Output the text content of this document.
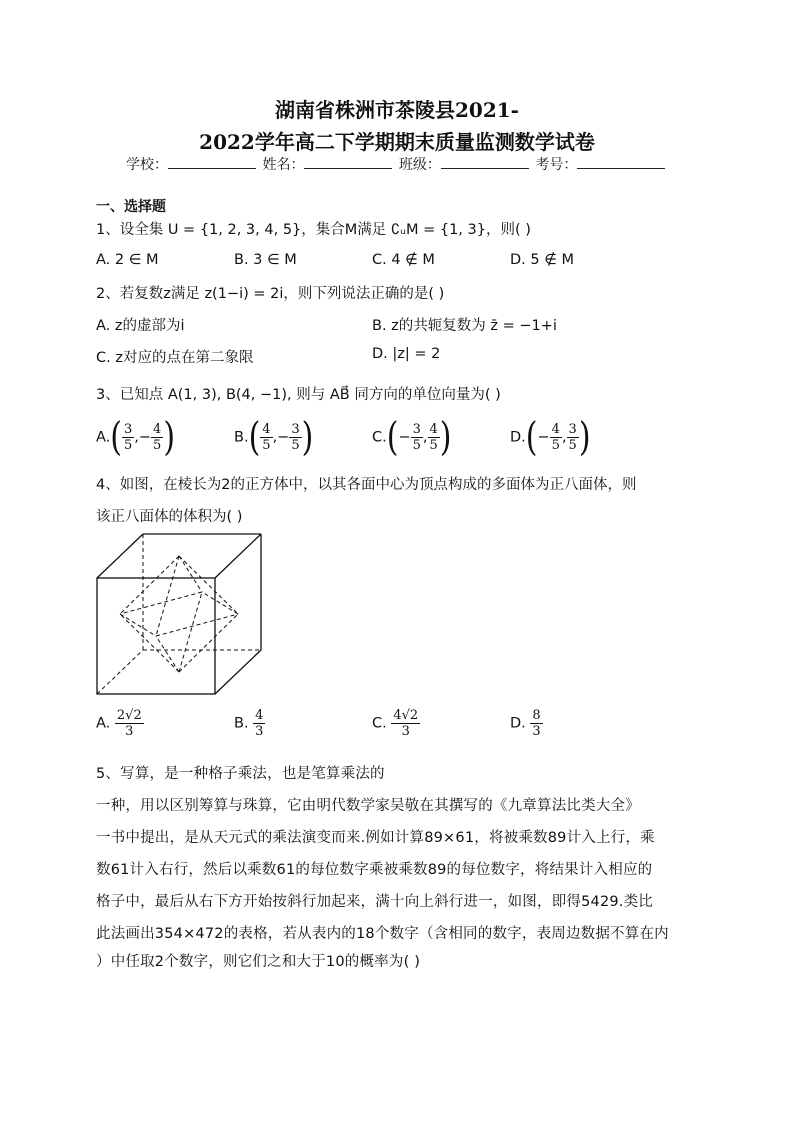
湖南省株洲市茶陵县2021-
2022学年高二下学期期末质量监测数学试卷
学校：	姓名：	班级：	考号：
一、选择题
1、设全集 U = {1, 2, 3, 4, 5}，集合M满足 ∁ᵤM = {1, 3}，则( )
A. 2 ∈ M	B. 3 ∈ M	C. 4 ∉ M	D. 5 ∉ M
2、若复数z满足 z(1−i) = 2i，则下列说法正确的是( )
A. z的虚部为i	B. z的共轭复数为 z̄ = −1+i
C. z对应的点在第二象限	D. |z| = 2
3、已知点 A(1, 3), B(4, −1), 则与 AB⃗ 同方向的单位向量为( )
$A.( \frac{3}{5}$ ,− $\frac{4}{5}$ )	$B.( \frac{4}{5}$ ,− $\frac{3}{5}$ )	$C.(- \frac{3}{5}$ , $\frac{4}{5}$ )	$D.(- \frac{4}{5}$ , $\frac{3}{5}$ )
4、如图，在棱长为2的正方体中，以其各面中心为顶点构成的多面体为正八面体，则
该正八面体的体积为( )
A. $\frac{2√2}{3}$	B. $\frac{4}{3}$	C. $\frac{4√2}{3}$	D. $\frac{8}{3}$
5、写算，是一种格子乘法，也是笔算乘法的
一种，用以区别筹算与珠算，它由明代数学家吴敬在其撰写的《九章算法比类大全》
一书中提出，是从天元式的乘法演变而来.例如计算89×61，将被乘数89计入上行，乘
数61计入右行，然后以乘数61的每位数字乘被乘数89的每位数字，将结果计入相应的
格子中，最后从右下方开始按斜行加起来，满十向上斜行进一，如图，即得5429.类比
此法画出354×472的表格，若从表内的18个数字（含相同的数字，表周边数据不算在内
）中任取2个数字，则它们之和大于10的概率为( )
